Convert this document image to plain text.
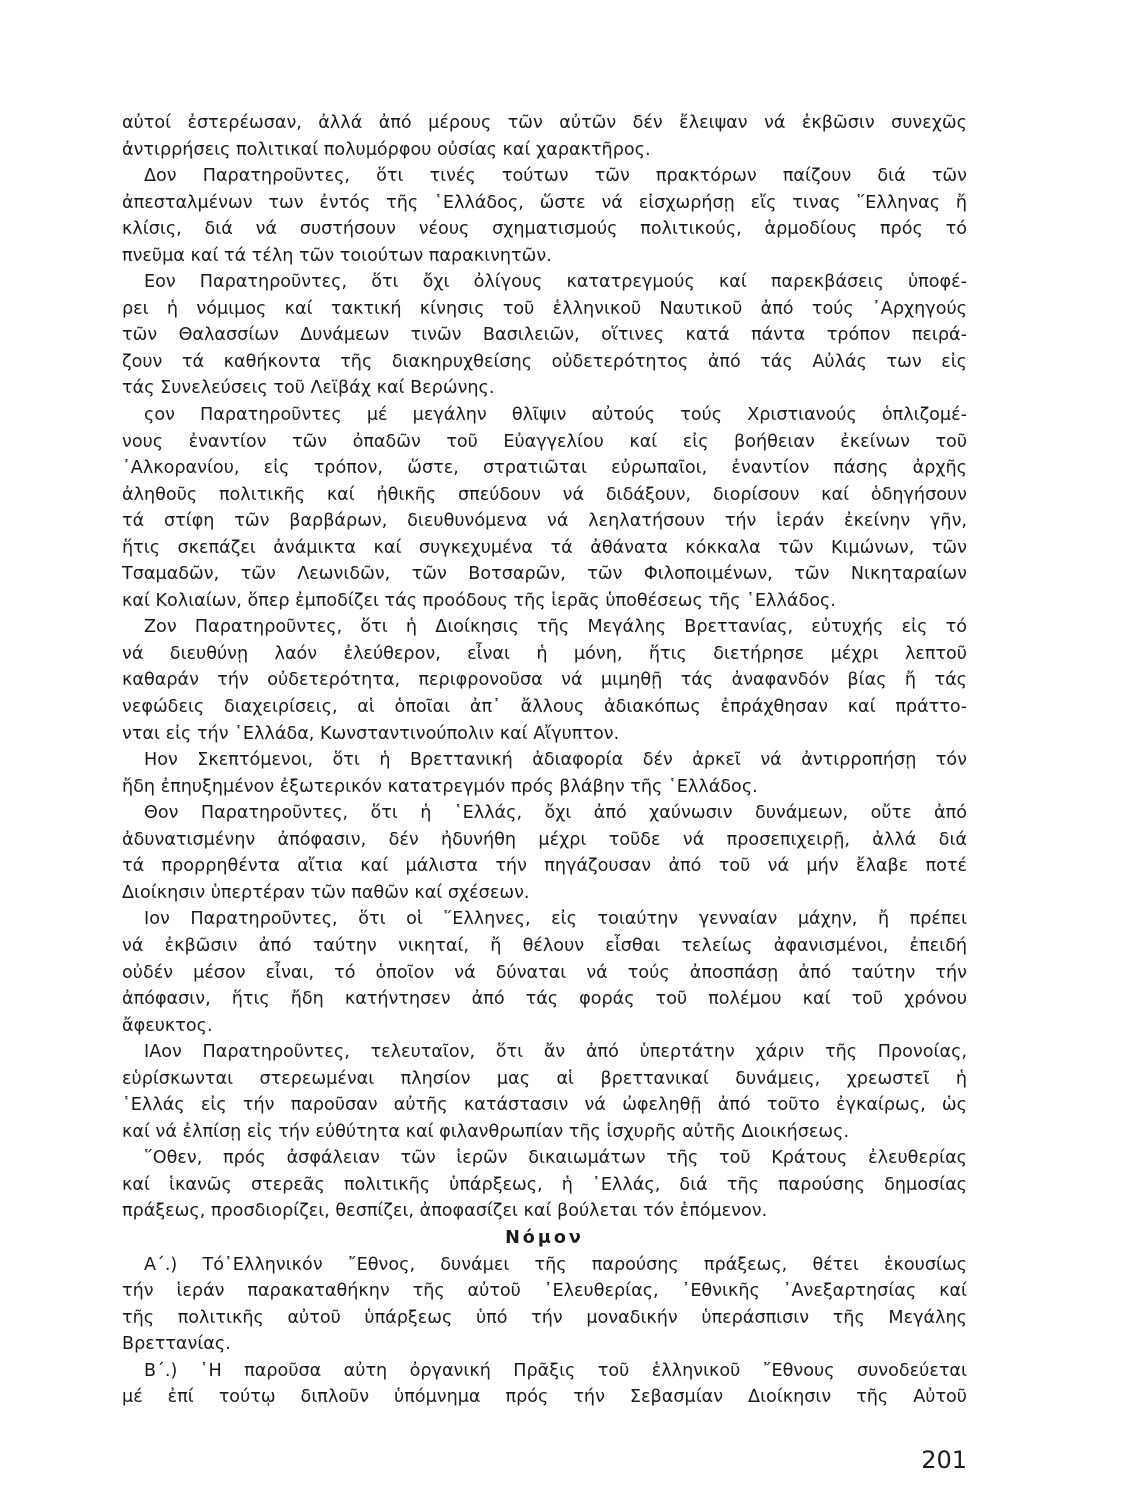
αὐτοί ἐστερέωσαν, ἀλλά ἀπό μέρους τῶν αὐτῶν δέν ἔλειψαν νά ἐκβῶσιν συνεχῶς
ἀντιρρήσεις πολιτικαί πολυμόρφου οὐσίας καί χαρακτῆρος.
Δον Παρατηροῦντες, ὅτι τινές τούτων τῶν πρακτόρων παίζουν διά τῶν
ἀπεσταλμένων των ἐντός τῆς ῾Ελλάδος, ὥστε νά εἰσχωρήσῃ εἴς τινας ῞Ελληνας ἤ
κλίσις, διά νά συστήσουν νέους σχηματισμούς πολιτικούς, ἁρμοδίους πρός τό
πνεῦμα καί τά τέλη τῶν τοιούτων παρακινητῶν.
Εον Παρατηροῦντες, ὅτι ὄχι ὀλίγους κατατρεγμούς καί παρεκβάσεις ὑποφέ-
ρει ἡ νόμιμος καί τακτική κίνησις τοῦ ἑλληνικοῦ Ναυτικοῦ ἀπό τούς ᾿Αρχηγούς
τῶν Θαλασσίων Δυνάμεων τινῶν Βασιλειῶν, οἵτινες κατά πάντα τρόπον πειρά-
ζουν τά καθήκοντα τῆς διακηρυχθείσης οὐδετερότητος ἀπό τάς Αὐλάς των εἰς
τάς Συνελεύσεις τοῦ Λεϊβάχ καί Βερώνης.
ςον Παρατηροῦντες μέ μεγάλην θλῖψιν αὐτούς τούς Χριστιανούς ὁπλιζομέ-
νους ἐναντίον τῶν ὀπαδῶν τοῦ Εὐαγγελίου καί εἰς βοήθειαν ἐκείνων τοῦ
᾿Αλκορανίου, εἰς τρόπον, ὥστε, στρατιῶται εὐρωπαῖοι, ἐναντίον πάσης ἀρχῆς
ἀληθοῦς πολιτικῆς καί ἠθικῆς σπεύδουν νά διδάξουν, διορίσουν καί ὁδηγήσουν
τά στίφη τῶν βαρβάρων, διευθυνόμενα νά λεηλατήσουν τήν ἱεράν ἐκείνην γῆν,
ἥτις σκεπάζει ἀνάμικτα καί συγκεχυμένα τά ἀθάνατα κόκκαλα τῶν Κιμώνων, τῶν
Τσαμαδῶν, τῶν Λεωνιδῶν, τῶν Βοτσαρῶν, τῶν Φιλοποιμένων, τῶν Νικηταραίων
καί Κολιαίων, ὅπερ ἐμποδίζει τάς προόδους τῆς ἱερᾶς ὑποθέσεως τῆς ῾Ελλάδος.
Ζον Παρατηροῦντες, ὅτι ἡ Διοίκησις τῆς Μεγάλης Βρεττανίας, εὐτυχής εἰς τό
νά διευθύνῃ λαόν ἐλεύθερον, εἶναι ἡ μόνη, ἥτις διετήρησε μέχρι λεπτοῦ
καθαράν τήν οὐδετερότητα, περιφρονοῦσα νά μιμηθῇ τάς ἀναφανδόν βίας ἤ τάς
νεφώδεις διαχειρίσεις, αἱ ὁποῖαι ἀπ᾿ ἄλλους ἀδιακόπως ἐπράχθησαν καί πράττο-
νται εἰς τήν ῾Ελλάδα, Κωνσταντινούπολιν καί Αἴγυπτον.
Ηον Σκεπτόμενοι, ὅτι ἡ Βρεττανική ἀδιαφορία δέν ἀρκεῖ νά ἀντιρροπήσῃ τόν
ἤδη ἐπηυξημένον ἐξωτερικόν κατατρεγμόν πρός βλάβην τῆς ῾Ελλάδος.
Θον Παρατηροῦντες, ὅτι ἡ ῾Ελλάς, ὄχι ἀπό χαύνωσιν δυνάμεων, οὔτε ἀπό
ἀδυνατισμένην ἀπόφασιν, δέν ἠδυνήθη μέχρι τοῦδε νά προσεπιχειρῇ, ἀλλά διά
τά προρρηθέντα αἴτια καί μάλιστα τήν πηγάζουσαν ἀπό τοῦ νά μήν ἔλαβε ποτέ
Διοίκησιν ὑπερτέραν τῶν παθῶν καί σχέσεων.
Ιον Παρατηροῦντες, ὅτι οἱ ῞Ελληνες, εἰς τοιαύτην γενναίαν μάχην, ἤ πρέπει
νά ἐκβῶσιν ἀπό ταύτην νικηταί, ἤ θέλουν εἶσθαι τελείως ἀφανισμένοι, ἐπειδή
οὐδέν μέσον εἶναι, τό ὁποῖον νά δύναται νά τούς ἀποσπάσῃ ἀπό ταύτην τήν
ἀπόφασιν, ἥτις ἤδη κατήντησεν ἀπό τάς φοράς τοῦ πολέμου καί τοῦ χρόνου
ἄφευκτος.
ΙΑον Παρατηροῦντες, τελευταῖον, ὅτι ἄν ἀπό ὑπερτάτην χάριν τῆς Προνοίας,
εὑρίσκωνται στερεωμέναι πλησίον μας αἱ βρεττανικαί δυνάμεις, χρεωστεῖ ἡ
῾Ελλάς εἰς τήν παροῦσαν αὐτῆς κατάστασιν νά ὠφεληθῇ ἀπό τοῦτο ἐγκαίρως, ὡς
καί νά ἐλπίσῃ εἰς τήν εὐθύτητα καί φιλανθρωπίαν τῆς ἰσχυρῆς αὐτῆς Διοικήσεως.
῞Οθεν, πρός ἀσφάλειαν τῶν ἱερῶν δικαιωμάτων τῆς τοῦ Κράτους ἐλευθερίας
καί ἱκανῶς στερεᾶς πολιτικῆς ὑπάρξεως, ἡ ῾Ελλάς, διά τῆς παρούσης δημοσίας
πράξεως, προσδιορίζει, θεσπίζει, ἀποφασίζει καί βούλεται τόν ἑπόμενον.
Νόμον
Α΄.) Τό῾Ελληνικόν ῎Εθνος, δυνάμει τῆς παρούσης πράξεως, θέτει ἑκουσίως
τήν ἱεράν παρακαταθήκην τῆς αὐτοῦ ᾿Ελευθερίας, ᾿Εθνικῆς ᾿Ανεξαρτησίας καί
τῆς πολιτικῆς αὐτοῦ ὑπάρξεως ὑπό τήν μοναδικήν ὑπεράσπισιν τῆς Μεγάλης
Βρεττανίας.
Β΄.) ῾Η παροῦσα αὐτη ὀργανική Πρᾶξις τοῦ ἑλληνικοῦ ῎Εθνους συνοδεύεται
μέ ἐπί τούτῳ διπλοῦν ὑπόμνημα πρός τήν Σεβασμίαν Διοίκησιν τῆς Αὐτοῦ
201
